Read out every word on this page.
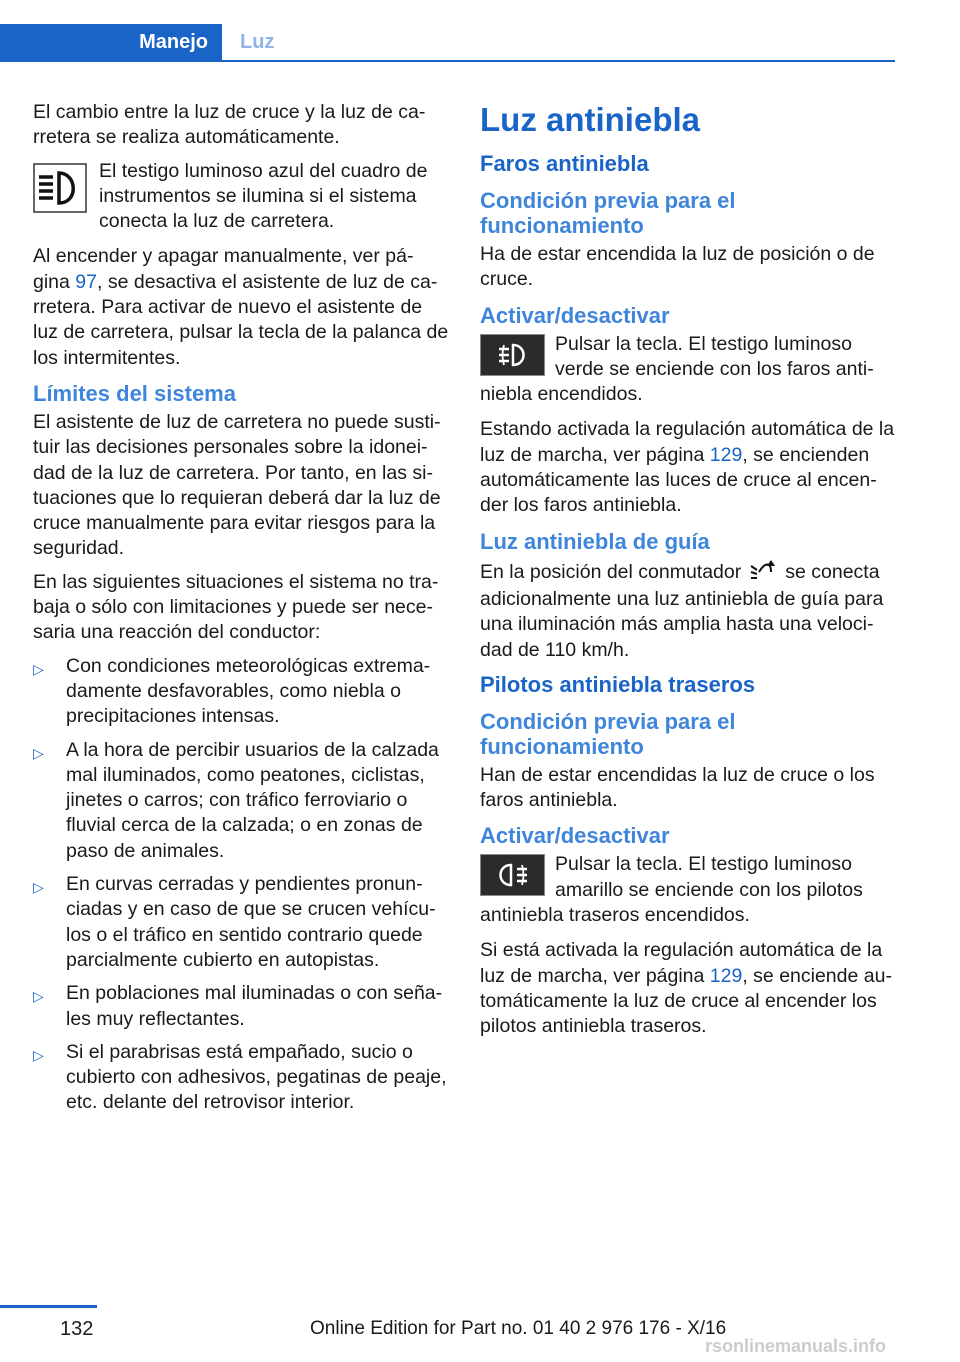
Manejo	Luz

El cambio entre la luz de cruce y la luz de ca‐rretera se realiza automáticamente.

El testigo luminoso azul del cuadro de instrumentos se ilumina si el sistema conecta la luz de carretera.

Al encender y apagar manualmente, ver pá‐gina 97, se desactiva el asistente de luz de ca‐rretera. Para activar de nuevo el asistente de luz de carretera, pulsar la tecla de la palanca de los intermitentes.

Límites del sistema

El asistente de luz de carretera no puede susti‐tuir las decisiones personales sobre la idonei‐dad de la luz de carretera. Por tanto, en las si‐tuaciones que lo requieran deberá dar la luz de cruce manualmente para evitar riesgos para la seguridad.

En las siguientes situaciones el sistema no tra‐baja o sólo con limitaciones y puede ser nece‐saria una reacción del conductor:

▷ Con condiciones meteorológicas extrema‐damente desfavorables, como niebla o precipitaciones intensas.
▷ A la hora de percibir usuarios de la calzada mal iluminados, como peatones, ciclistas, jinetes o carros; con tráfico ferroviario o fluvial cerca de la calzada; o en zonas de paso de animales.
▷ En curvas cerradas y pendientes pronun‐ciadas y en caso de que se crucen vehícu‐los o el tráfico en sentido contrario quede parcialmente cubierto en autopistas.
▷ En poblaciones mal iluminadas o con seña‐les muy reflectantes.
▷ Si el parabrisas está empañado, sucio o cubierto con adhesivos, pegatinas de peaje, etc. delante del retrovisor interior.
Luz antiniebla
Faros antiniebla
Condición previa para el funcionamiento

Ha de estar encendida la luz de posición o de cruce.

Activar/desactivar
Pulsar la tecla. El testigo luminoso verde se enciende con los faros anti‐niebla encendidos.

Estando activada la regulación automática de la luz de marcha, ver página 129, se encienden automáticamente las luces de cruce al encen‐der los faros antiniebla.

Luz antiniebla de guía

En la posición del conmutador se conecta adicionalmente una luz antiniebla de guía para una iluminación más amplia hasta una veloci‐dad de 110 km/h.

Pilotos antiniebla traseros
Condición previa para el funcionamiento

Han de estar encendidas la luz de cruce o los faros antiniebla.

Activar/desactivar
Pulsar la tecla. El testigo luminoso amarillo se enciende con los pilotos antiniebla traseros encendidos.

Si está activada la regulación automática de la luz de marcha, ver página 129, se enciende au‐tomáticamente la luz de cruce al encender los pilotos antiniebla traseros.

132	Online Edition for Part no. 01 40 2 976 176 - X/16
rsonlinemanuals.info
